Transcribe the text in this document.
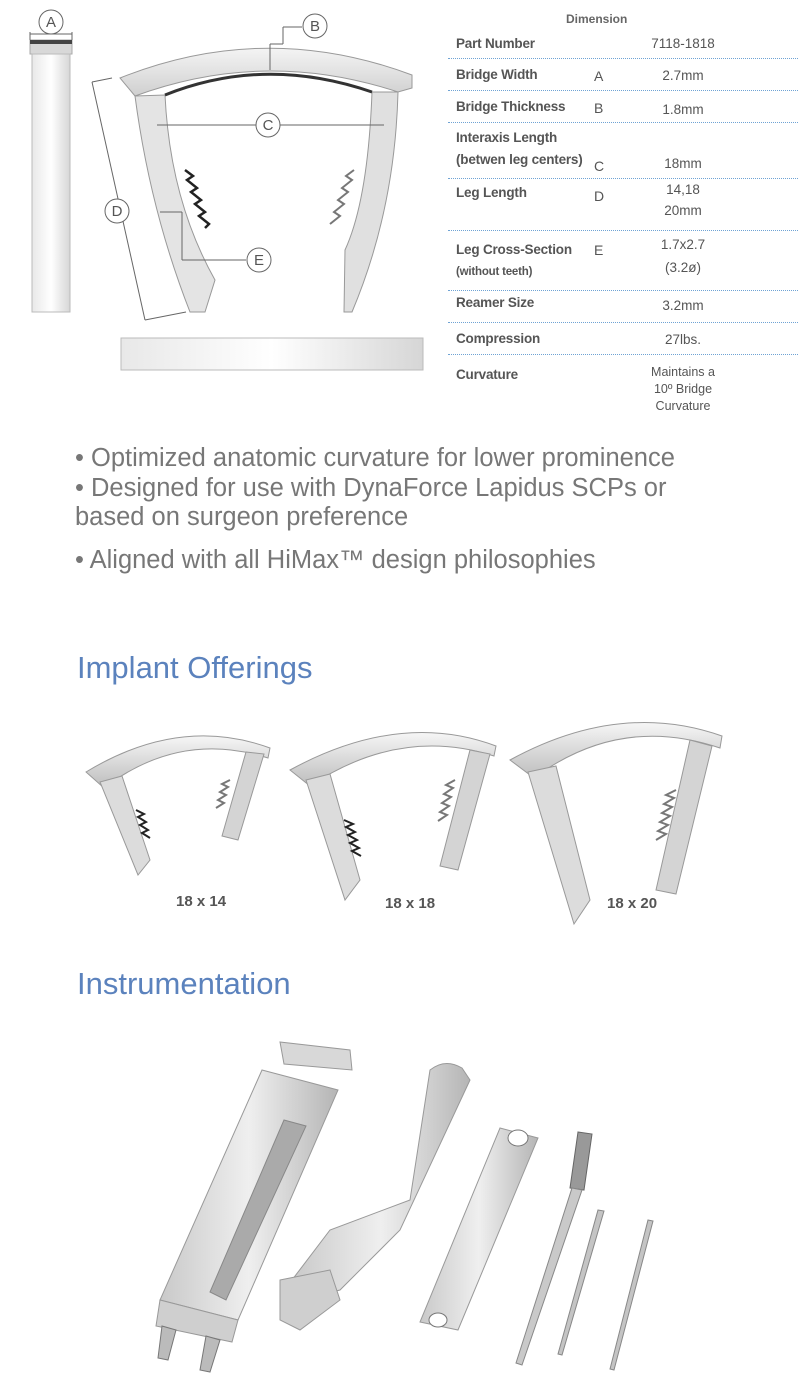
A	B
C
D
E
Dimension
Part Number	7118-1818
Bridge Width	A	2.7mm
Bridge Thickness B	1.8mm
Interaxis Length
(betwen leg centers) C	18mm
Leg Length	D	14,18
20mm
Leg Cross-Section
(without teeth)
E	1.7x2.7
(3.2ø)
Reamer Size	3.2mm
Compression	27lbs.
Curvature	Maintains a
10º Bridge
Curvature
• Optimized anatomic curvature for lower prominence
• Designed for use with DynaForce Lapidus SCPs or
based on surgeon preference
• Aligned with all HiMax™ design philosophies
Implant Offerings
18 x 14	18 x 18	18 x 20
Instrumentation
